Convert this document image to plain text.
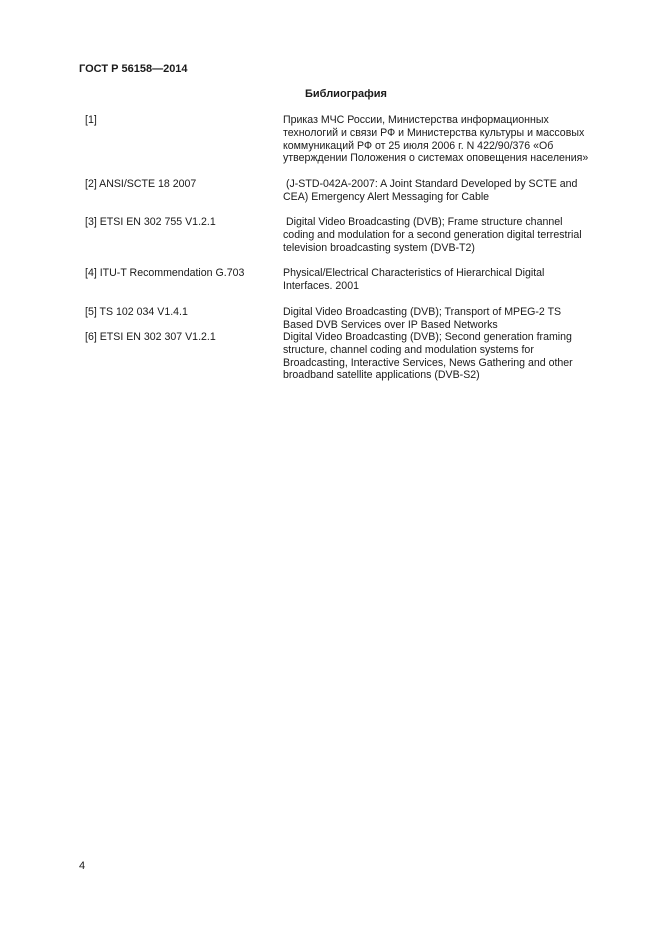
ГОСТ Р 56158—2014
Библиография
[1]	Приказ МЧС России, Министерства информационных
технологий и связи РФ и Министерства культуры и массовых
коммуникаций РФ от 25 июля 2006 г. N 422/90/376 «Об
утверждении Положения о системах оповещения населения»
[2] ANSI/SCTE 18 2007	(J-STD-042A-2007: A Joint Standard Developed by SCTE and
CEA) Emergency Alert Messaging for Cable
[3] ETSI EN 302 755 V1.2.1	Digital Video Broadcasting (DVB); Frame structure channel
coding and modulation for a second generation digital terrestrial
television broadcasting system (DVB-T2)
[4] ITU-T Recommendation G.703	Physical/Electrical Characteristics of Hierarchical Digital
Interfaces. 2001
[5] TS 102 034 V1.4.1	Digital Video Broadcasting (DVB); Transport of MPEG-2 TS
Based DVB Services over IP Based Networks
[6] ETSI EN 302 307 V1.2.1	Digital Video Broadcasting (DVB); Second generation framing
structure, channel coding and modulation systems for
Broadcasting, Interactive Services, News Gathering and other
broadband satellite applications (DVB-S2)
4
